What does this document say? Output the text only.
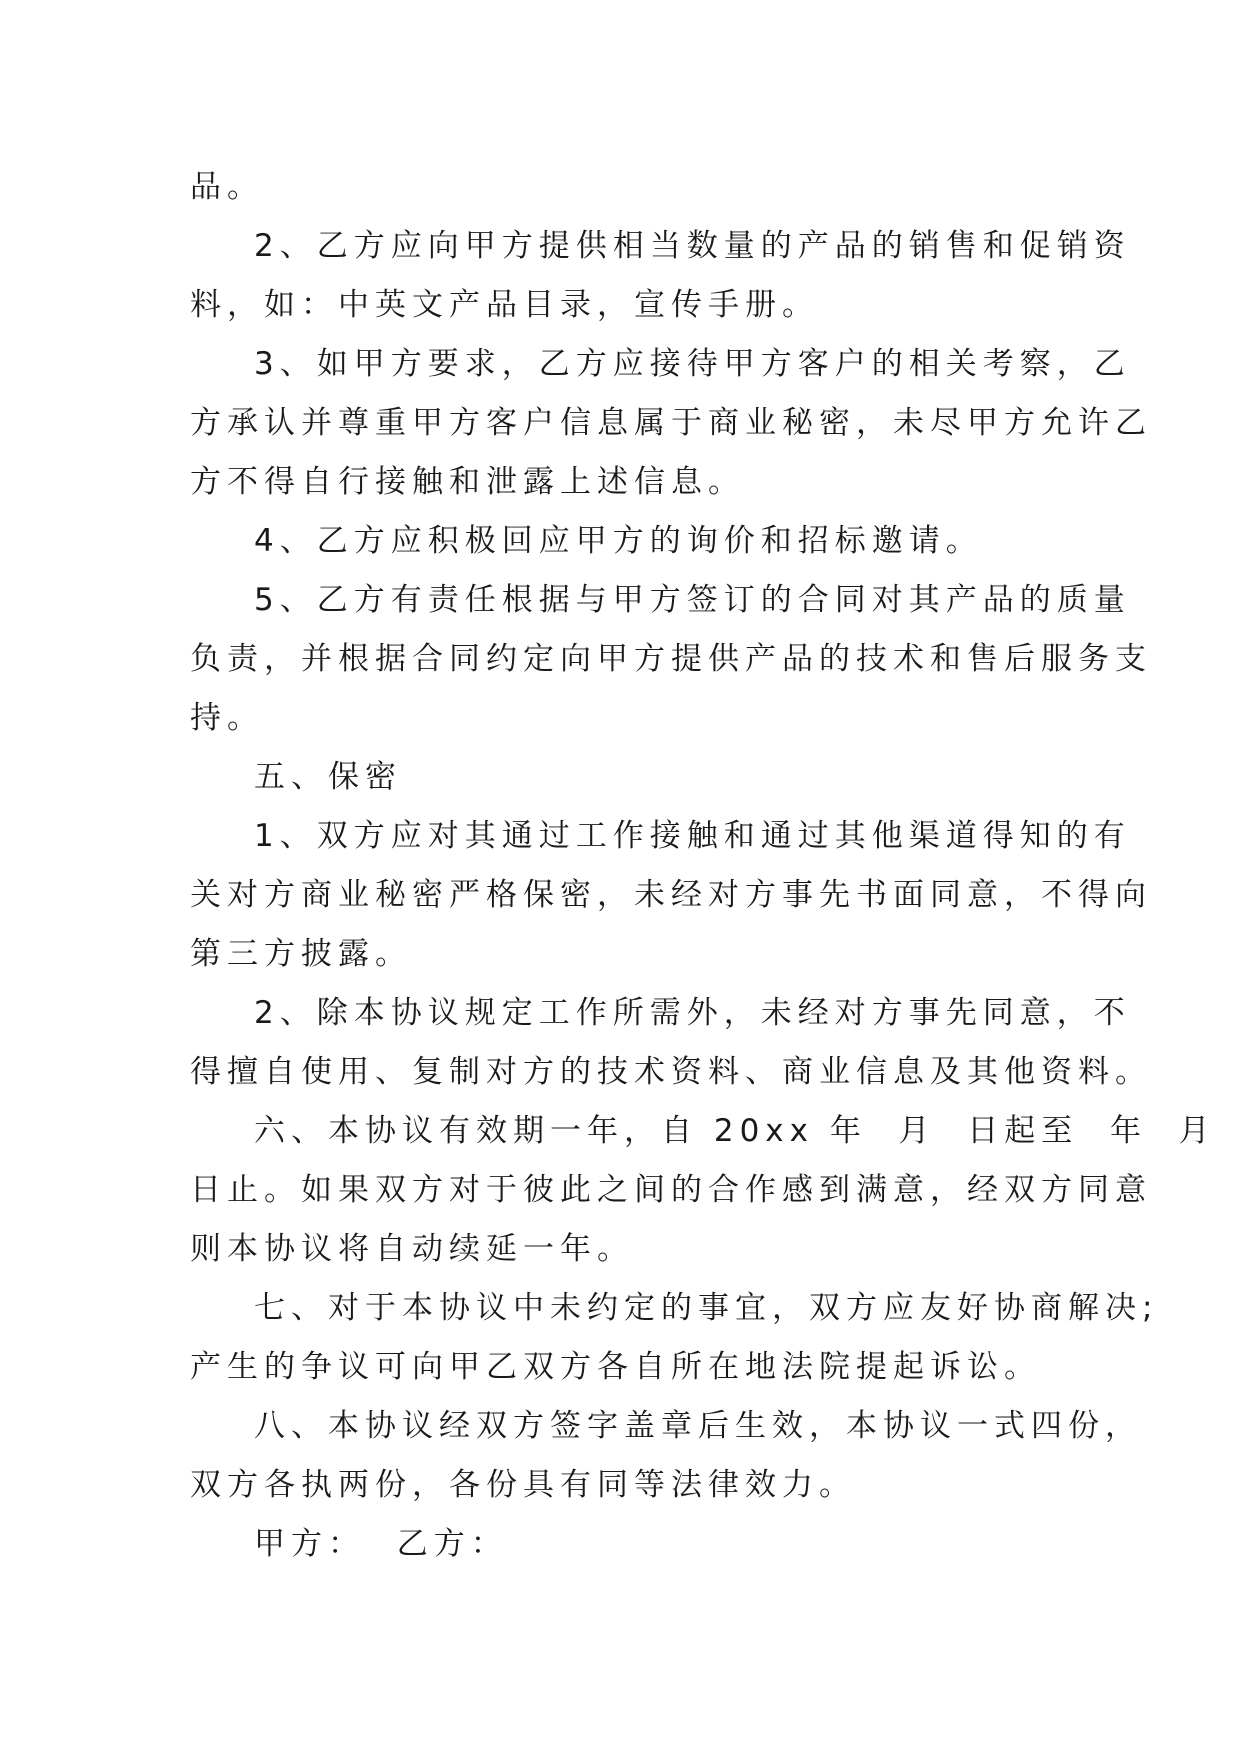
品。
2、乙方应向甲方提供相当数量的产品的销售和促销资
料，如：中英文产品目录，宣传手册。
3、如甲方要求，乙方应接待甲方客户的相关考察，乙
方承认并尊重甲方客户信息属于商业秘密，未尽甲方允许乙
方不得自行接触和泄露上述信息。
4、乙方应积极回应甲方的询价和招标邀请。
5、乙方有责任根据与甲方签订的合同对其产品的质量
负责，并根据合同约定向甲方提供产品的技术和售后服务支
持。
五、保密
1、双方应对其通过工作接触和通过其他渠道得知的有
关对方商业秘密严格保密，未经对方事先书面同意，不得向
第三方披露。
2、除本协议规定工作所需外，未经对方事先同意，不
得擅自使用、复制对方的技术资料、商业信息及其他资料。
六、本协议有效期一年，自 20xx 年  月  日起至  年  月
日止。如果双方对于彼此之间的合作感到满意，经双方同意
则本协议将自动续延一年。
七、对于本协议中未约定的事宜，双方应友好协商解决;
产生的争议可向甲乙双方各自所在地法院提起诉讼。
八、本协议经双方签字盖章后生效，本协议一式四份，
双方各执两份，各份具有同等法律效力。
甲方：  乙方：
